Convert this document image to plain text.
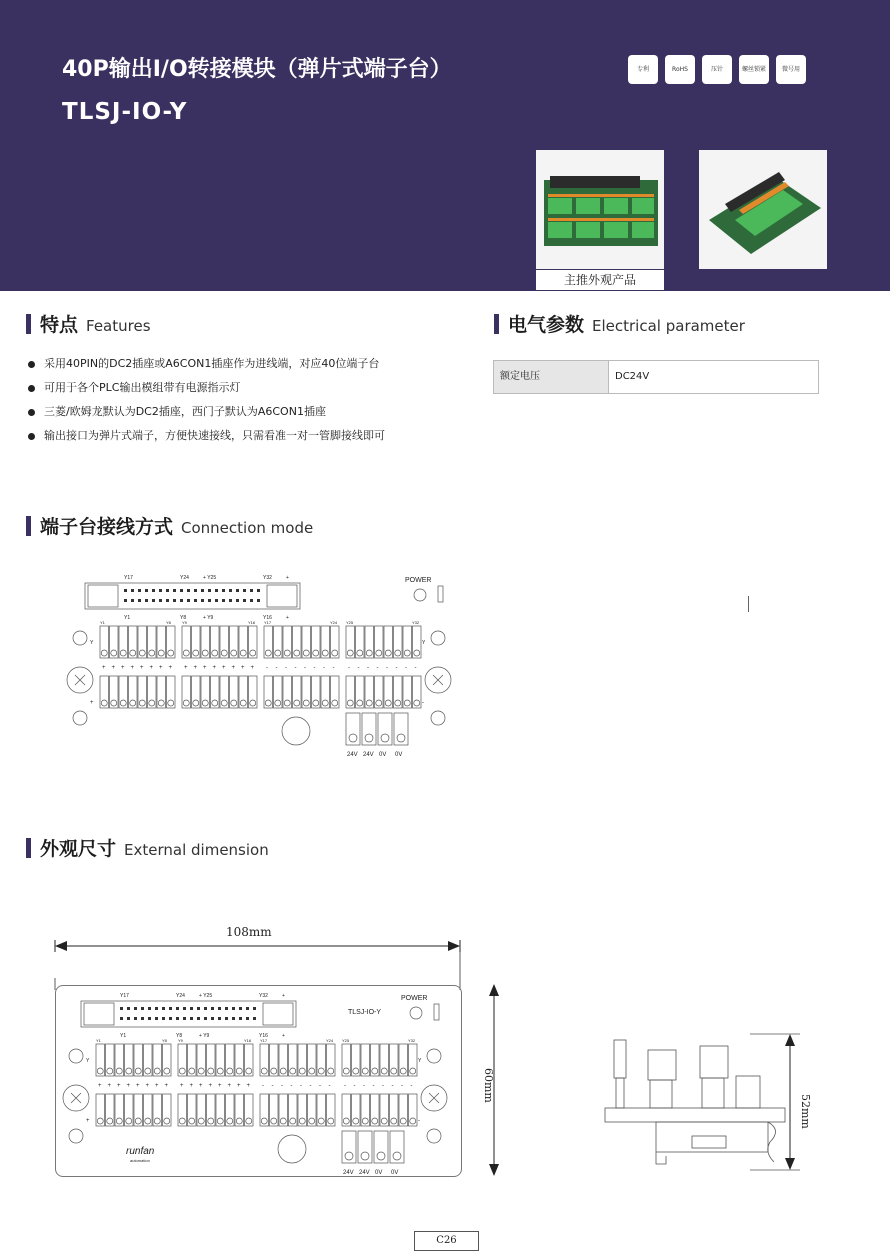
40P输出I/O转接模块（弹片式端子台）
TLSJ-IO-Y
专利	RoHS	压针	螺丝锁紧	微号用
主推外观产品
特点 Features
采用40PIN的DC2插座或A6CON1插座作为进线端，对应40位端子台
可用于各个PLC输出模组带有电源指示灯
三菱/欧姆龙默认为DC2插座，西门子默认为A6CON1插座
输出接口为弹片式端子，方便快速接线，只需看准一对一管脚接线即可
电气参数 Electrical parameter
额定电压	DC24V
端子台接线方式 Connection mode
Y17	Y24	+ Y25	Y32	+
Y1	Y8	+ Y9	Y16	+
POWER
Y1	Y8
+ + + + + + + +
Y9	Y16
+ + + + + + + +
Y17	Y24
- - - - - - - -
Y25	Y32
- - - - - - - -
Y	Y
+	-
24V 24V 0V 0V
外观尺寸 External dimension
108mm
Y17	Y24	+ Y25	Y32	+
Y1	Y8	+ Y9	Y16	+
POWER
TLSJ-IO-Y
Y1	Y8
+ + + + + + + +
Y9	Y16
+ + + + + + + +
Y17	Y24
- - - - - - - -
Y25	Y32
- - - - - - - -
Y	Y
+	-
24V 24V 0V 0V
runfan
automation
60mm
52mm
C26
